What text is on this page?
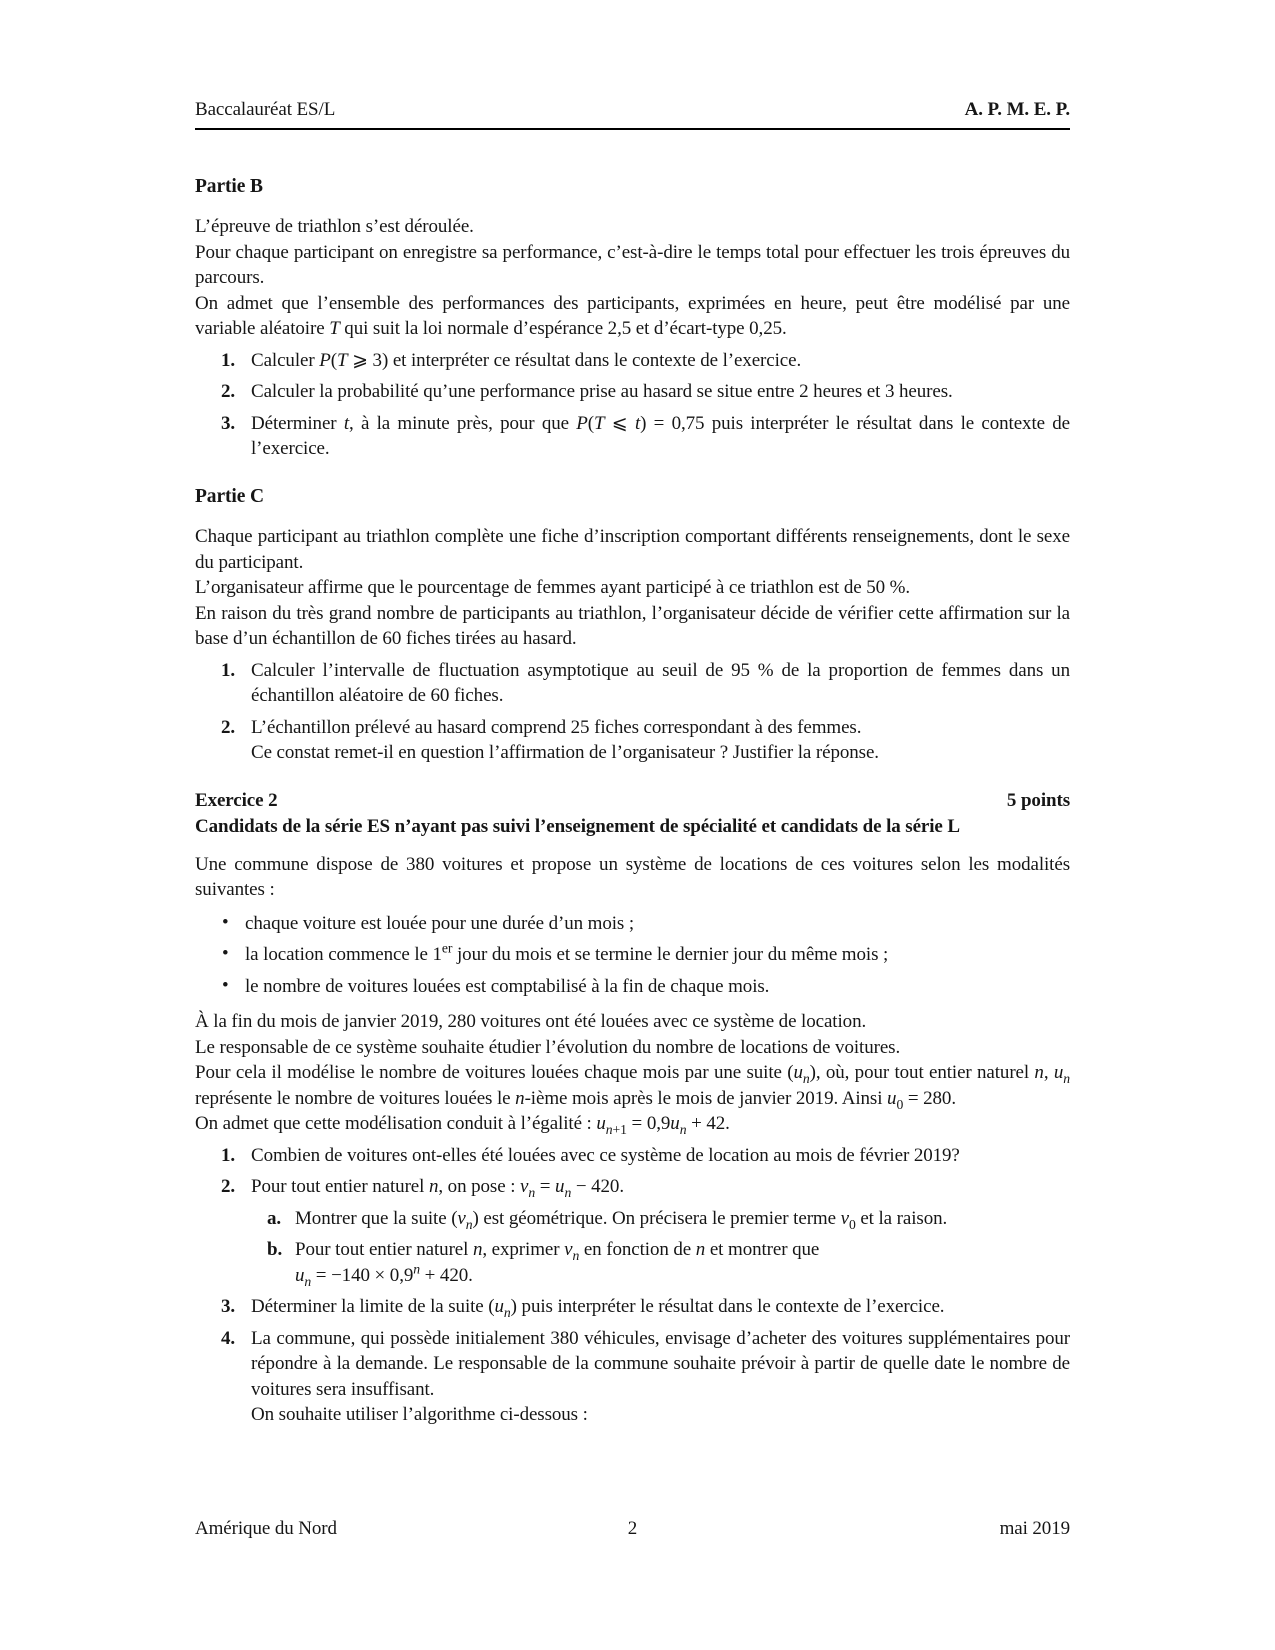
Baccalauréat ES/L	A. P. M. E. P.
Partie B

L’épreuve de triathlon s’est déroulée.

Pour chaque participant on enregistre sa performance, c’est-à-dire le temps total pour effectuer les trois épreuves du parcours.

On admet que l’ensemble des performances des participants, exprimées en heure, peut être modélisé par une variable aléatoire T qui suit la loi normale d’espérance 2,5 et d’écart-type 0,25.

1. Calculer P(T ⩾ 3) et interpréter ce résultat dans le contexte de l’exercice.
2. Calculer la probabilité qu’une performance prise au hasard se situe entre 2 heures et 3 heures.
3. Déterminer t, à la minute près, pour que P(T ⩽ t) = 0,75 puis interpréter le résultat dans le contexte de l’exercice.
Partie C

Chaque participant au triathlon complète une fiche d’inscription comportant différents renseignements, dont le sexe du participant.

L’organisateur affirme que le pourcentage de femmes ayant participé à ce triathlon est de 50 %.

En raison du très grand nombre de participants au triathlon, l’organisateur décide de vérifier cette affirmation sur la base d’un échantillon de 60 fiches tirées au hasard.

1. Calculer l’intervalle de fluctuation asymptotique au seuil de 95 % de la proportion de femmes dans un échantillon aléatoire de 60 fiches.
2. L’échantillon prélevé au hasard comprend 25 fiches correspondant à des femmes.
Ce constat remet-il en question l’affirmation de l’organisateur ? Justifier la réponse.
Exercice 2	5 points

Candidats de la série ES n’ayant pas suivi l’enseignement de spécialité et candidats de la série L

Une commune dispose de 380 voitures et propose un système de locations de ces voitures selon les modalités suivantes :

• chaque voiture est louée pour une durée d’un mois ;
• la location commence le 1er jour du mois et se termine le dernier jour du même mois ;
• le nombre de voitures louées est comptabilisé à la fin de chaque mois.

À la fin du mois de janvier 2019, 280 voitures ont été louées avec ce système de location.

Le responsable de ce système souhaite étudier l’évolution du nombre de locations de voitures.

Pour cela il modélise le nombre de voitures louées chaque mois par une suite $(u_n)$, où, pour tout entier naturel n, $u_n$ représente le nombre de voitures louées le n-ième mois après le mois de janvier 2019. Ainsi $u_0 = 280$.

On admet que cette modélisation conduit à l’égalité : $u_{n+1} = 0,9u_n + 42$.

1. Combien de voitures ont-elles été louées avec ce système de location au mois de février 2019?
2. Pour tout entier naturel n, on pose : $v_n = u_n - 420$.
a. Montrer que la suite $(v_n)$ est géométrique. On précisera le premier terme $v_0$ et la raison.
b. Pour tout entier naturel n, exprimer $v_n$ en fonction de n et montrer que
$u_n = -140 \times 0,9^n + 420$.
3. Déterminer la limite de la suite $(u_n)$ puis interpréter le résultat dans le contexte de l’exercice.
4. La commune, qui possède initialement 380 véhicules, envisage d’acheter des voitures supplémentaires pour répondre à la demande. Le responsable de la commune souhaite prévoir à partir de quelle date le nombre de voitures sera insuffisant.
On souhaite utiliser l’algorithme ci-dessous :
Amérique du Nord	2	mai 2019
